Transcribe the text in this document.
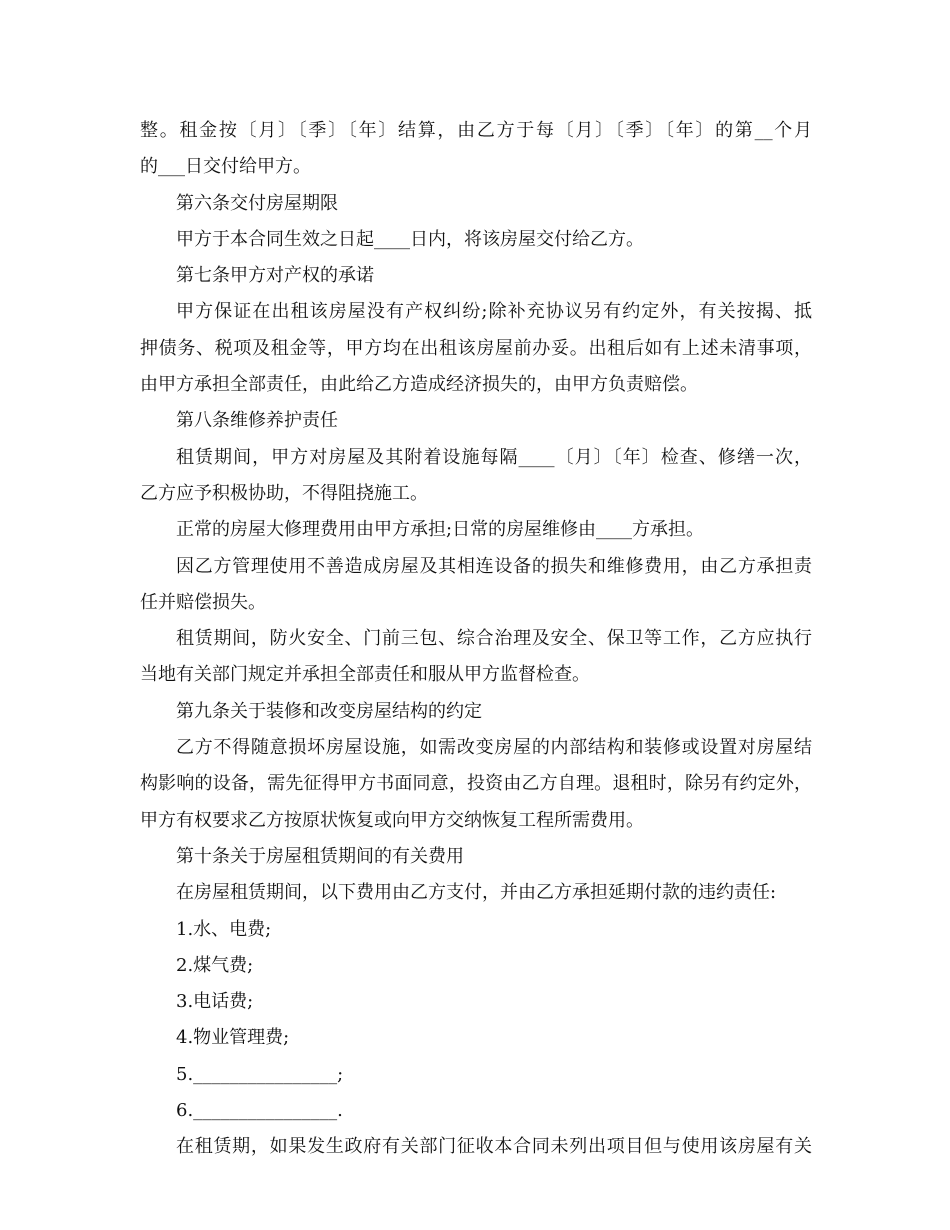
整。租金按〔月〕〔季〕〔年〕结算，由乙方于每〔月〕〔季〕〔年〕的第__个月
的___日交付给甲方。
第六条交付房屋期限
甲方于本合同生效之日起____日内，将该房屋交付给乙方。
第七条甲方对产权的承诺
甲方保证在出租该房屋没有产权纠纷;除补充协议另有约定外，有关按揭、抵
押债务、税项及租金等，甲方均在出租该房屋前办妥。出租后如有上述未清事项，
由甲方承担全部责任，由此给乙方造成经济损失的，由甲方负责赔偿。
第八条维修养护责任
租赁期间，甲方对房屋及其附着设施每隔____〔月〕〔年〕检查、修缮一次，
乙方应予积极协助，不得阻挠施工。
正常的房屋大修理费用由甲方承担;日常的房屋维修由____方承担。
因乙方管理使用不善造成房屋及其相连设备的损失和维修费用，由乙方承担责
任并赔偿损失。
租赁期间，防火安全、门前三包、综合治理及安全、保卫等工作，乙方应执行
当地有关部门规定并承担全部责任和服从甲方监督检查。
第九条关于装修和改变房屋结构的约定
乙方不得随意损坏房屋设施，如需改变房屋的内部结构和装修或设置对房屋结
构影响的设备，需先征得甲方书面同意，投资由乙方自理。退租时，除另有约定外，
甲方有权要求乙方按原状恢复或向甲方交纳恢复工程所需费用。
第十条关于房屋租赁期间的有关费用
在房屋租赁期间，以下费用由乙方支付，并由乙方承担延期付款的违约责任:
1.水、电费;
2.煤气费;
3.电话费;
4.物业管理费;
5.________________;
6.________________.
在租赁期，如果发生政府有关部门征收本合同未列出项目但与使用该房屋有关
